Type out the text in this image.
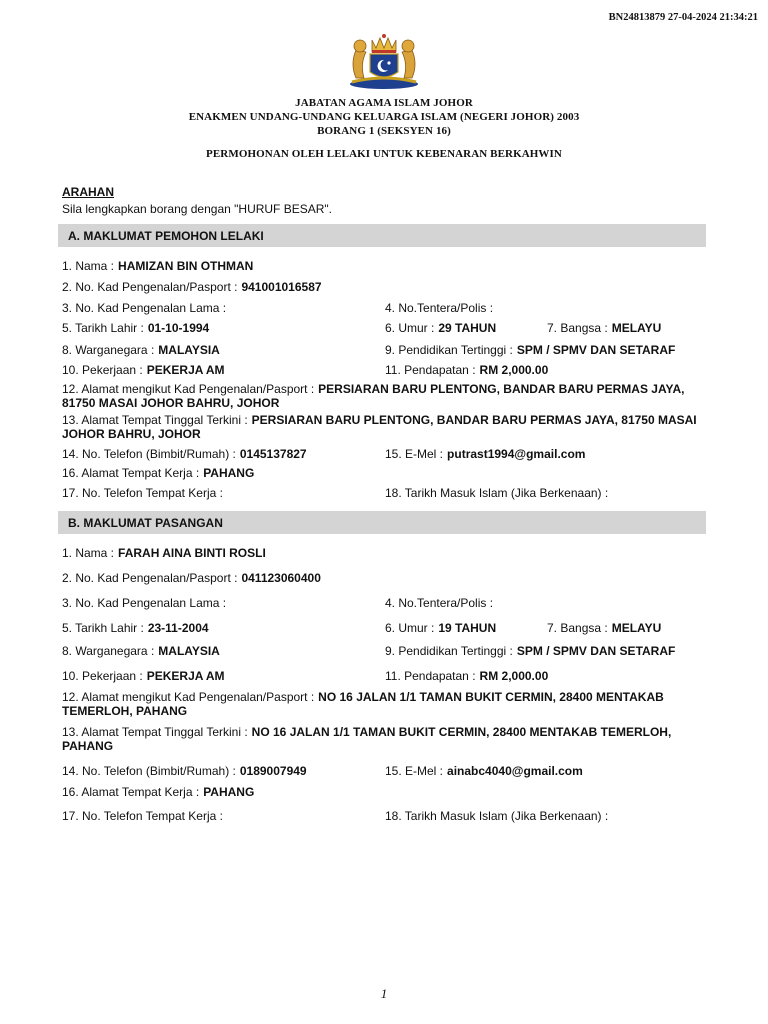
BN24813879 27-04-2024 21:34:21
JABATAN AGAMA ISLAM JOHOR
ENAKMEN UNDANG-UNDANG KELUARGA ISLAM (NEGERI JOHOR) 2003
BORANG 1 (SEKSYEN 16)
PERMOHONAN OLEH LELAKI UNTUK KEBENARAN BERKAHWIN
ARAHAN
Sila lengkapkan borang dengan "HURUF BESAR".
A. MAKLUMAT PEMOHON LELAKI
1. Nama : HAMIZAN BIN OTHMAN
2. No. Kad Pengenalan/Pasport : 941001016587
3. No. Kad Pengenalan Lama :	4. No.Tentera/Polis :
5. Tarikh Lahir : 01-10-1994	6. Umur : 29 TAHUN	7. Bangsa : MELAYU
8. Warganegara : MALAYSIA	9. Pendidikan Tertinggi : SPM / SPMV DAN SETARAF
10. Pekerjaan : PEKERJA AM	11. Pendapatan : RM 2,000.00
12. Alamat mengikut Kad Pengenalan/Pasport : PERSIARAN BARU PLENTONG, BANDAR BARU PERMAS JAYA, 81750 MASAI JOHOR BAHRU, JOHOR
13. Alamat Tempat Tinggal Terkini : PERSIARAN BARU PLENTONG, BANDAR BARU PERMAS JAYA, 81750 MASAI JOHOR BAHRU, JOHOR
14. No. Telefon (Bimbit/Rumah) : 0145137827	15. E-Mel : putrast1994@gmail.com
16. Alamat Tempat Kerja : PAHANG
17. No. Telefon Tempat Kerja :	18. Tarikh Masuk Islam (Jika Berkenaan) :
B. MAKLUMAT PASANGAN
1. Nama : FARAH AINA BINTI ROSLI
2. No. Kad Pengenalan/Pasport : 041123060400
3. No. Kad Pengenalan Lama :	4. No.Tentera/Polis :
5. Tarikh Lahir : 23-11-2004	6. Umur : 19 TAHUN	7. Bangsa : MELAYU
8. Warganegara : MALAYSIA	9. Pendidikan Tertinggi : SPM / SPMV DAN SETARAF
10. Pekerjaan : PEKERJA AM	11. Pendapatan : RM 2,000.00
12. Alamat mengikut Kad Pengenalan/Pasport : NO 16 JALAN 1/1 TAMAN BUKIT CERMIN, 28400 MENTAKAB TEMERLOH, PAHANG
13. Alamat Tempat Tinggal Terkini : NO 16 JALAN 1/1 TAMAN BUKIT CERMIN, 28400 MENTAKAB TEMERLOH, PAHANG
14. No. Telefon (Bimbit/Rumah) : 0189007949	15. E-Mel : ainabc4040@gmail.com
16. Alamat Tempat Kerja : PAHANG
17. No. Telefon Tempat Kerja :	18. Tarikh Masuk Islam (Jika Berkenaan) :
1
